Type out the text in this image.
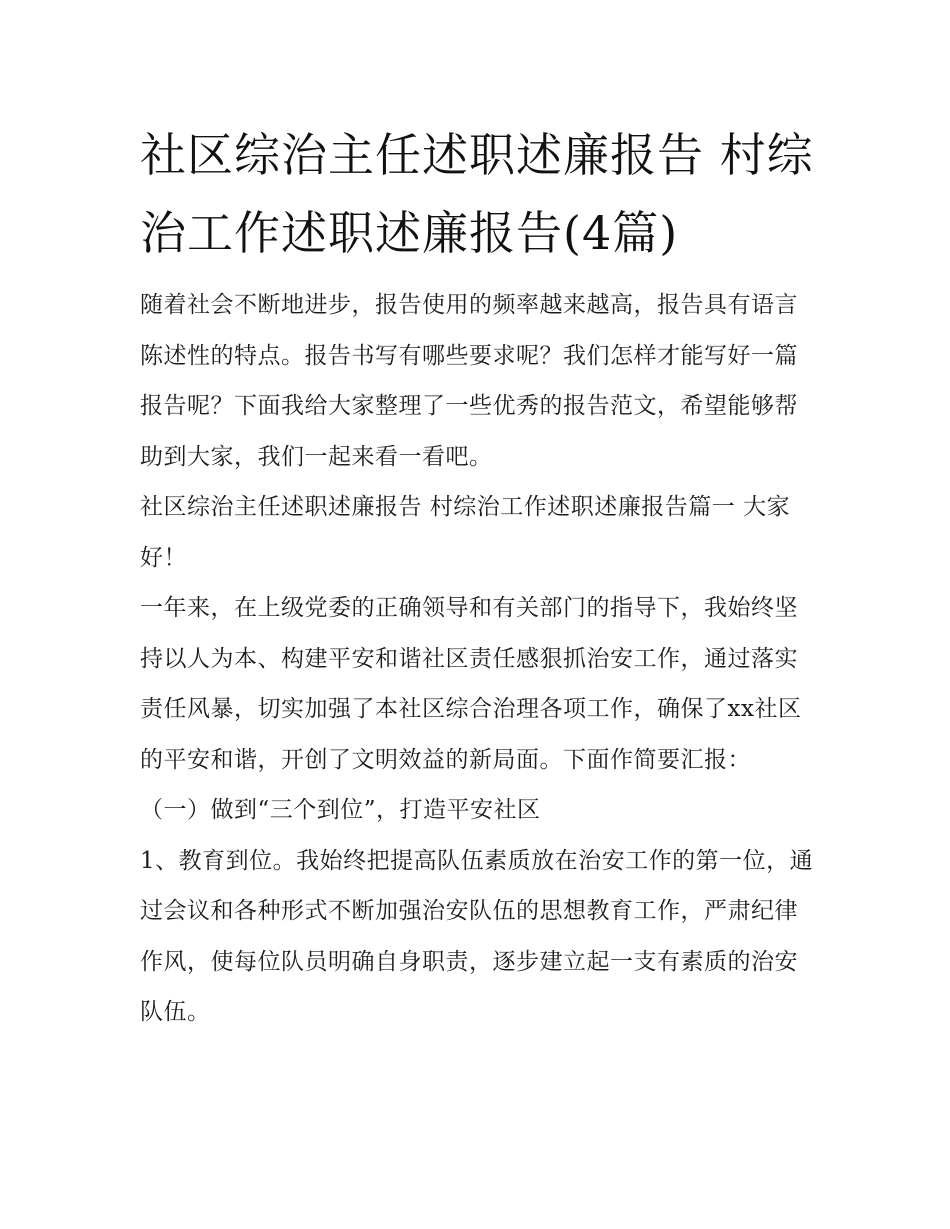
社区综治主任述职述廉报告 村综治工作述职述廉报告(4篇)

随着社会不断地进步，报告使用的频率越来越高，报告具有语言陈述性的特点。报告书写有哪些要求呢？我们怎样才能写好一篇报告呢？下面我给大家整理了一些优秀的报告范文，希望能够帮助到大家，我们一起来看一看吧。

社区综治主任述职述廉报告 村综治工作述职述廉报告篇一 大家好！

一年来，在上级党委的正确领导和有关部门的指导下，我始终坚持以人为本、构建平安和谐社区责任感狠抓治安工作，通过落实责任风暴，切实加强了本社区综合治理各项工作，确保了xx社区的平安和谐，开创了文明效益的新局面。下面作简要汇报：

（一）做到“三个到位”，打造平安社区

1、教育到位。我始终把提高队伍素质放在治安工作的第一位，通过会议和各种形式不断加强治安队伍的思想教育工作，严肃纪律作风，使每位队员明确自身职责，逐步建立起一支有素质的治安队伍。
